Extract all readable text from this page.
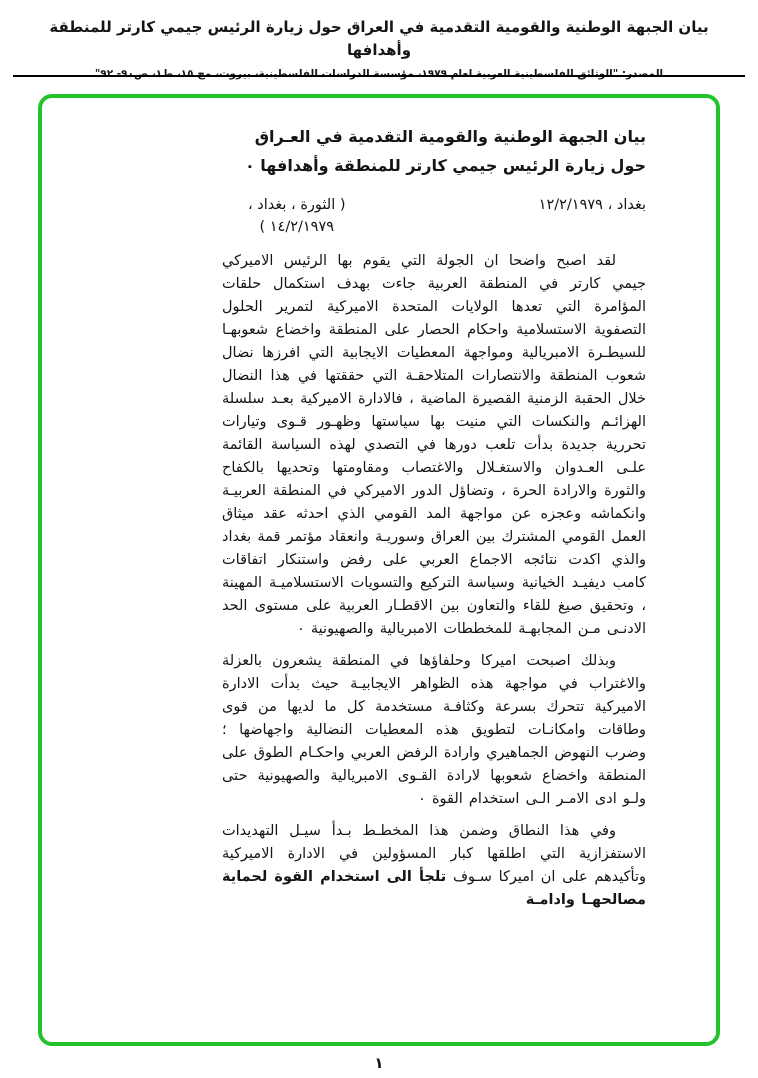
بيان الجبهة الوطنية والقومية التقدمية في العراق حول زيارة الرئيس جيمي كارتر للمنطقة وأهدافها
المصدر: "الوثائق الفلسطينية العربية لعام ١٩٧٩، مؤسسة الدراسات الفلسطينية، بيروت، مج ١٥، ط١، ص٩٠- ٩٢"
بيان الجبهة الوطنية والقومية التقدمية في العـراق
حول زيارة الرئيس جيمي كارتر للمنطقة وأهدافها ٠
بغداد ، ١٢/٢/١٩٧٩
( الثورة ، بغداد ،
١٤/٢/١٩٧٩ )

لقد اصبح واضحا ان الجولة التي يقوم بها الرئيس الاميركي جيمي كارتر في المنطقة العربية جاءت بهدف استكمال حلقات المؤامرة التي تعدها الولايات المتحدة الاميركية لتمرير الحلول التصفوية الاستسلامية واحكام الحصار على المنطقة واخضاع شعوبهـا للسيطـرة الامبريالية ومواجهة المعطيات الايجابية التي افرزها نضال شعوب المنطقة والانتصارات المتلاحقـة التي حققتها في هذا النضال خلال الحقبة الزمنية القصيرة الماضية ، فالادارة الاميركية بعـد سلسلة الهزائـم والنكسات التي منيت بها سياستها وظهـور قـوى وتيارات تحررية جديدة بدأت تلعب دورها في التصدي لهذه السياسة القائمة علـى العـدوان والاستغـلال والاغتصاب ومقاومتها وتحديها بالكفاح والثورة والارادة الحرة ، وتضاؤل الدور الاميركي في المنطقة العربيـة وانكماشه وعجزه عن مواجهة المد القومي الذي احدثه عقد ميثاق العمل القومي المشترك بين العراق وسوريـة وانعقاد مؤتمر قمة بغداد والذي اكدت نتائجه الاجماع العربي على رفض واستنكار اتفاقات كامب ديفيـد الخيانية وسياسة التركيع والتسويات الاستسلاميـة المهينة ، وتحقيق صيغ للقاء والتعاون بين الاقطـار العربية على مستوى الحد الادنـى مـن المجابهـة للمخططات الامبريالية والصهيونية ٠

وبذلك اصبحت اميركا وحلفاؤها في المنطقة يشعرون بالعزلة والاغتراب في مواجهة هذه الظواهر الايجابيـة حيث بدأت الادارة الاميركية تتحرك بسرعة وكثافـة مستخدمة كل ما لديها من قوى وطاقات وامكانـات لتطويق هذه المعطيات النضالية واجهاضها ؛ وضرب النهوض الجماهيري وارادة الرفض العربي واحكـام الطوق على المنطقة واخضاع شعوبها لارادة القـوى الامبريالية والصهيونية حتى ولـو ادى الامـر الـى استخدام القوة ٠

وفي هذا النطاق وضمن هذا المخطـط بـدأ سيـل التهديدات الاستفزازية التي اطلقها كبار المسؤولين في الادارة الاميركية وتأكيدهم على ان اميركا سـوف تلجأ الى استخدام القوة لحماية مصالحهـا وادامـة

١
